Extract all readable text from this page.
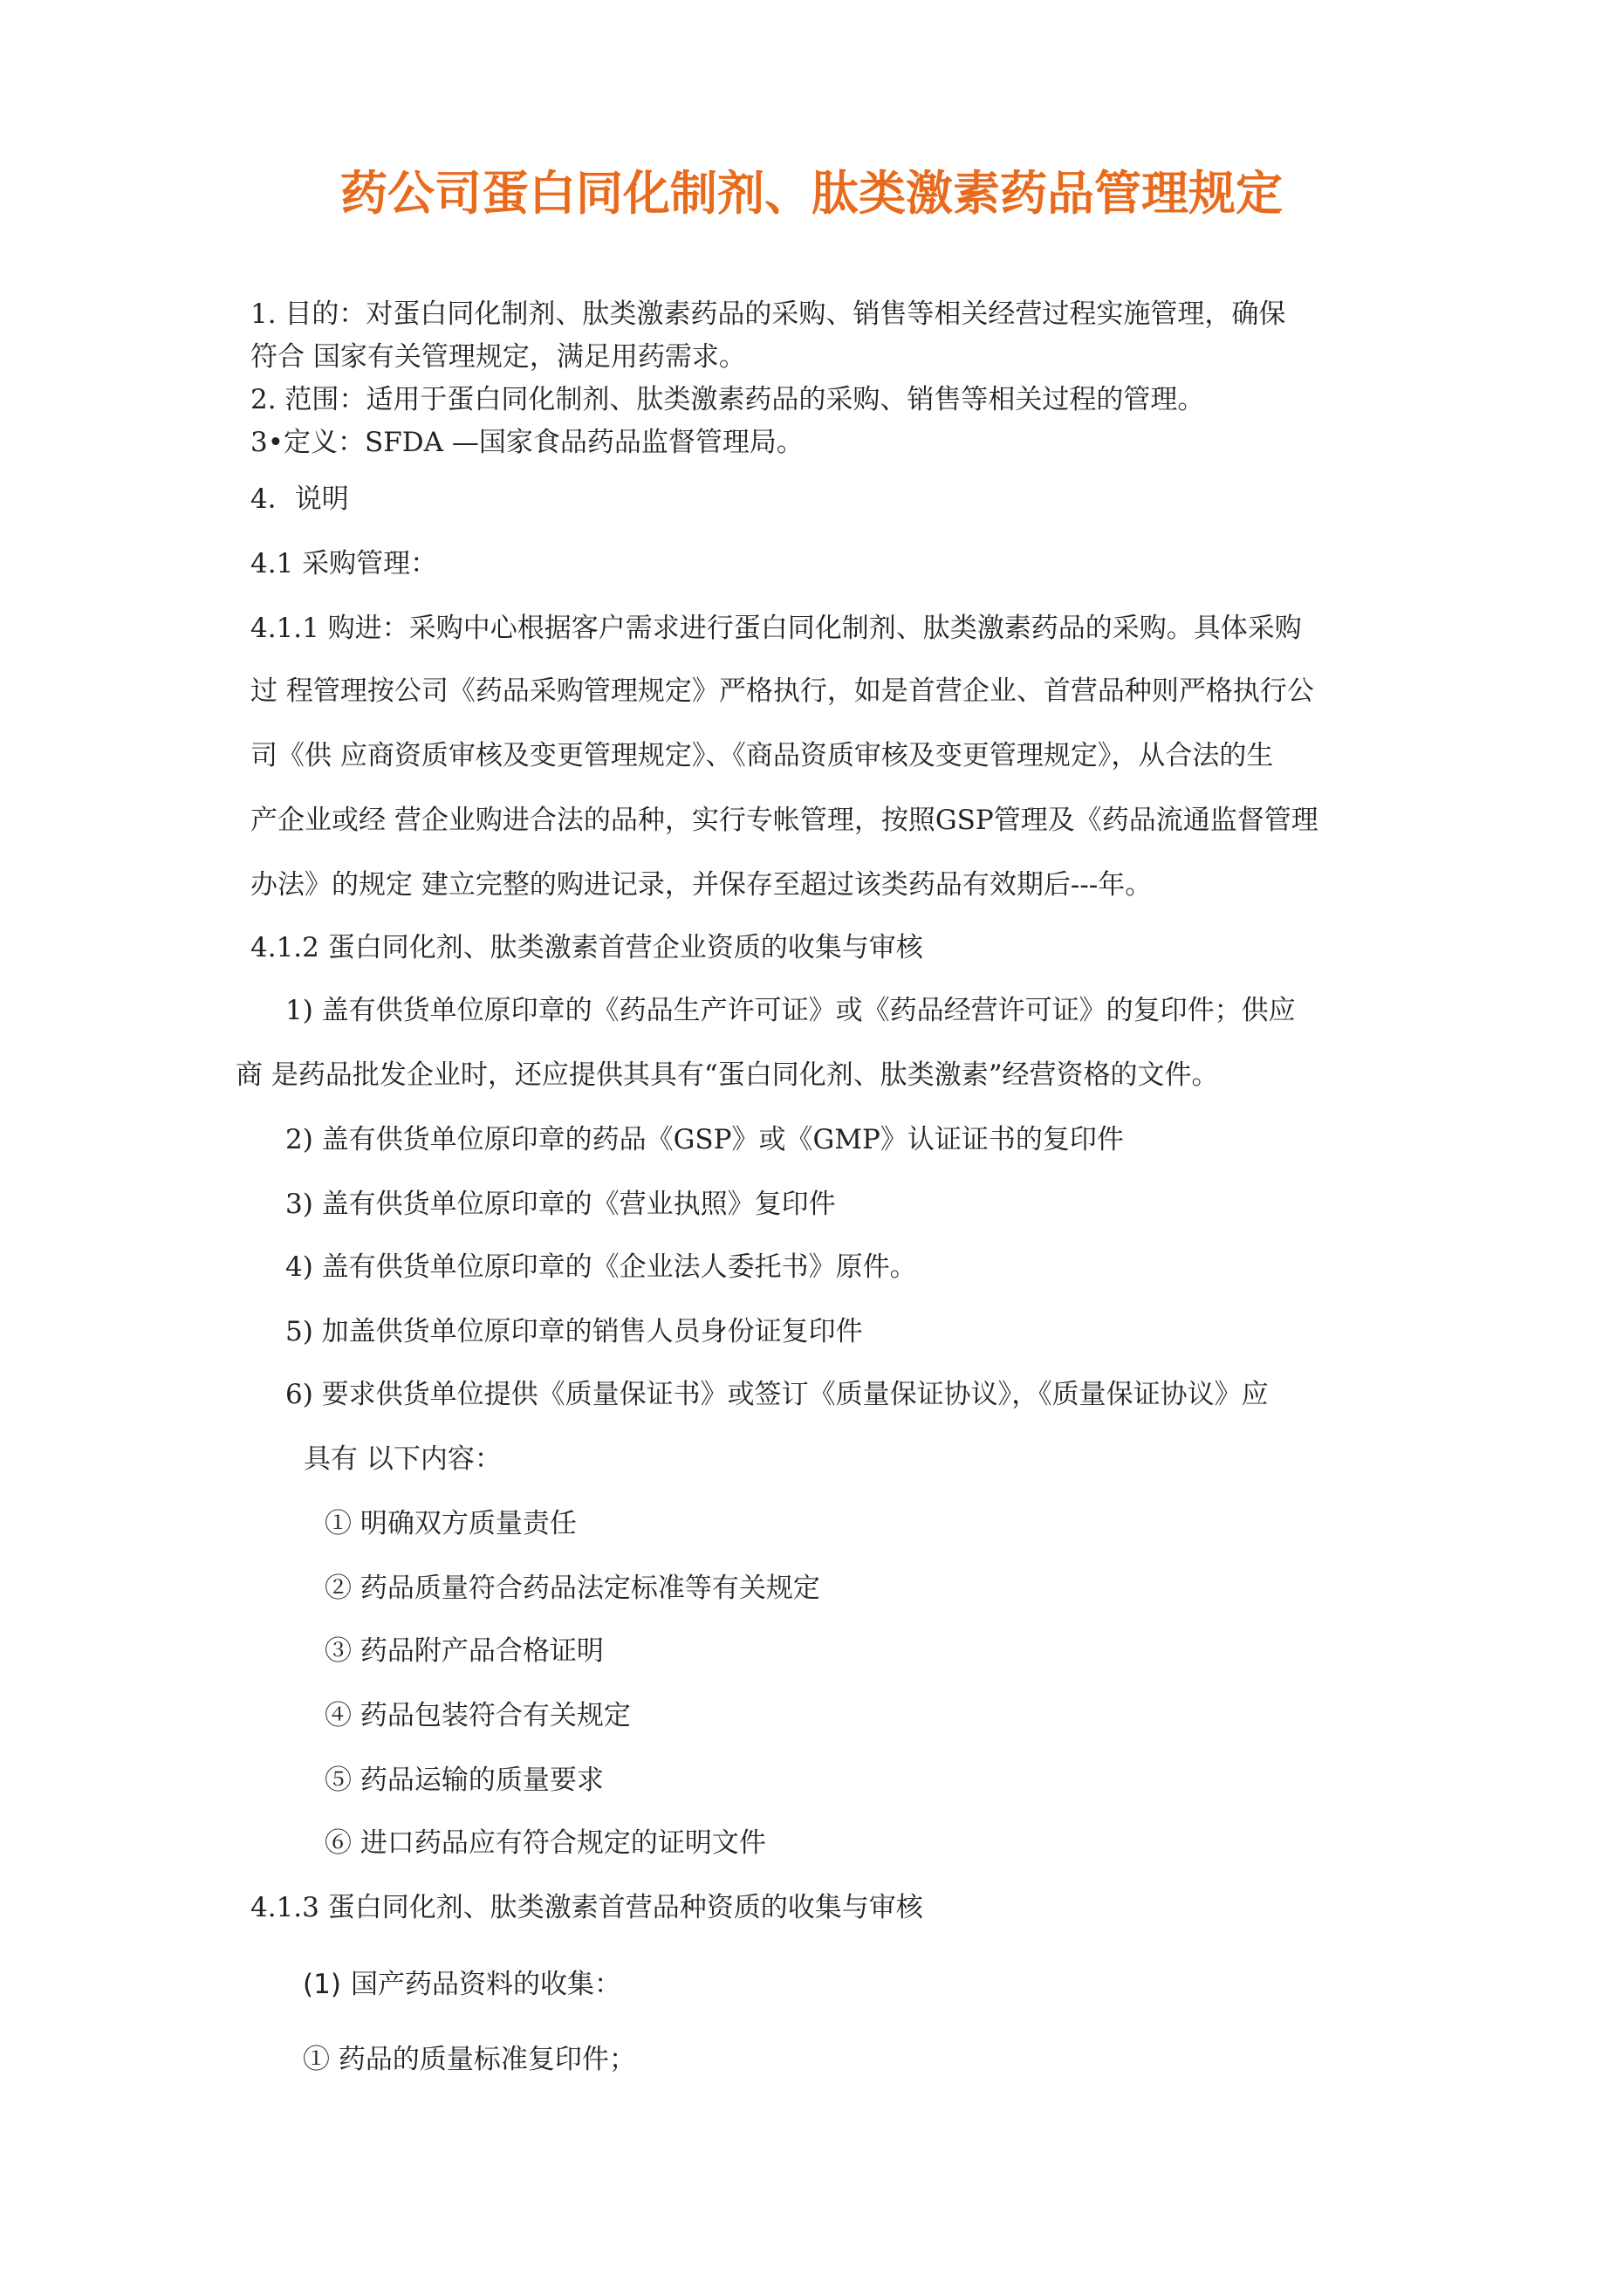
药公司蛋白同化制剂、肽类激素药品管理规定
1. 目的：对蛋白同化制剂、肽类激素药品的采购、销售等相关经营过程实施管理，确保
符合 国家有关管理规定，满足用药需求。
2. 范围：适用于蛋白同化制剂、肽类激素药品的采购、销售等相关过程的管理。
3•定义：SFDA —国家食品药品监督管理局。
4．说明
4.1 采购管理：
4.1.1 购进：采购中心根据客户需求进行蛋白同化制剂、肽类激素药品的采购。具体采购
过 程管理按公司《药品采购管理规定》严格执行，如是首营企业、首营品种则严格执行公
司《供 应商资质审核及变更管理规定》、《商品资质审核及变更管理规定》，从合法的生
产企业或经 营企业购进合法的品种，实行专帐管理，按照GSP管理及《药品流通监督管理
办法》的规定 建立完整的购进记录，并保存至超过该类药品有效期后---年。
4.1.2 蛋白同化剂、肽类激素首营企业资质的收集与审核
1) 盖有供货单位原印章的《药品生产许可证》或《药品经营许可证》的复印件；供应
商 是药品批发企业时，还应提供其具有“蛋白同化剂、肽类激素”经营资格的文件。
2) 盖有供货单位原印章的药品《GSP》或《GMP》认证证书的复印件
3) 盖有供货单位原印章的《营业执照》复印件
4) 盖有供货单位原印章的《企业法人委托书》原件。
5) 加盖供货单位原印章的销售人员身份证复印件
6) 要求供货单位提供《质量保证书》或签订《质量保证协议》，《质量保证协议》应
具有 以下内容：
① 明确双方质量责任
② 药品质量符合药品法定标准等有关规定
③ 药品附产品合格证明
④ 药品包装符合有关规定
⑤ 药品运输的质量要求
⑥ 进口药品应有符合规定的证明文件
4.1.3 蛋白同化剂、肽类激素首营品种资质的收集与审核
(1) 国产药品资料的收集：
① 药品的质量标准复印件；
